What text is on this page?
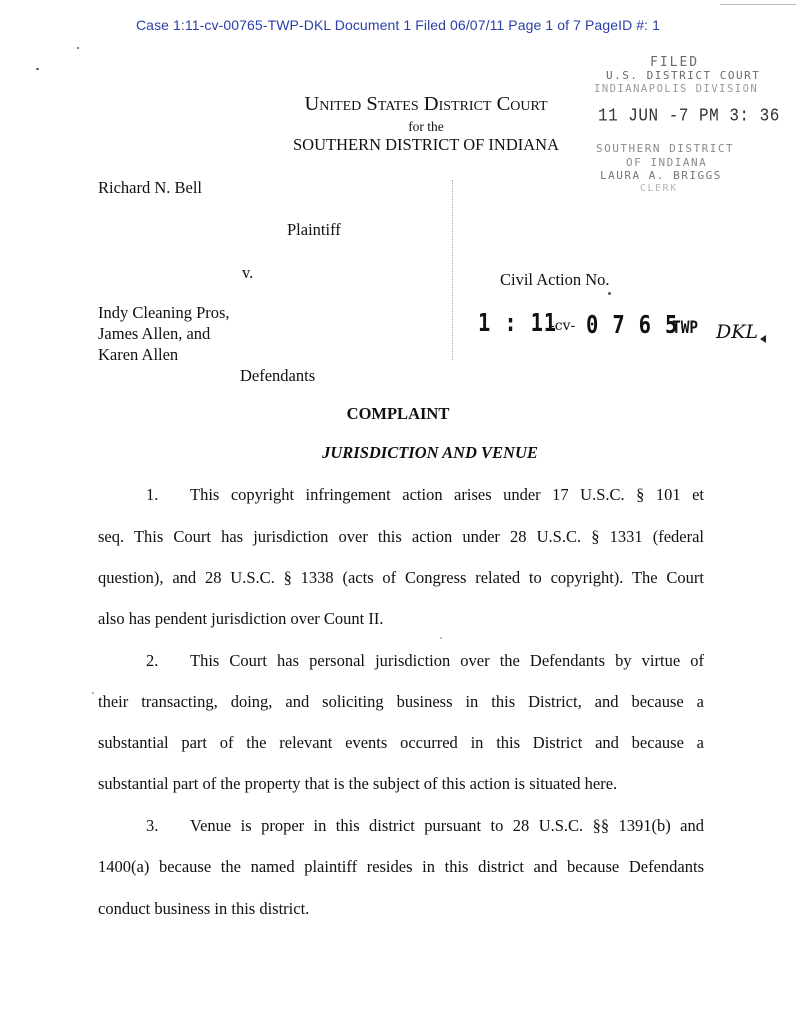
Case 1:11-cv-00765-TWP-DKL Document 1 Filed 06/07/11 Page 1 of 7 PageID #: 1
United States District Court
for the
SOUTHERN DISTRICT OF INDIANA
FILED
U.S. DISTRICT COURT
INDIANAPOLIS DIVISION
11 JUN -7 PM 3: 36
SOUTHERN DISTRICT
OF INDIANA
LAURA A. BRIGGS
CLERK
Richard N. Bell
Plaintiff
v.
Indy Cleaning Pros,
James Allen, and
Karen Allen
Defendants
Civil Action No.
1 : 11
-cv- 0 7 6 5
TWP DKL
COMPLAINT
JURISDICTION AND VENUE
1. This copyright infringement action arises under 17 U.S.C. § 101 et
seq. This Court has jurisdiction over this action under 28 U.S.C. § 1331 (federal
question), and 28 U.S.C. § 1338 (acts of Congress related to copyright). The Court
also has pendent jurisdiction over Count II.
2. This Court has personal jurisdiction over the Defendants by virtue of
their transacting, doing, and soliciting business in this District, and because a
substantial part of the relevant events occurred in this District and because a
substantial part of the property that is the subject of this action is situated here.
3. Venue is proper in this district pursuant to 28 U.S.C. §§ 1391(b) and
1400(a) because the named plaintiff resides in this district and because Defendants
conduct business in this district.
